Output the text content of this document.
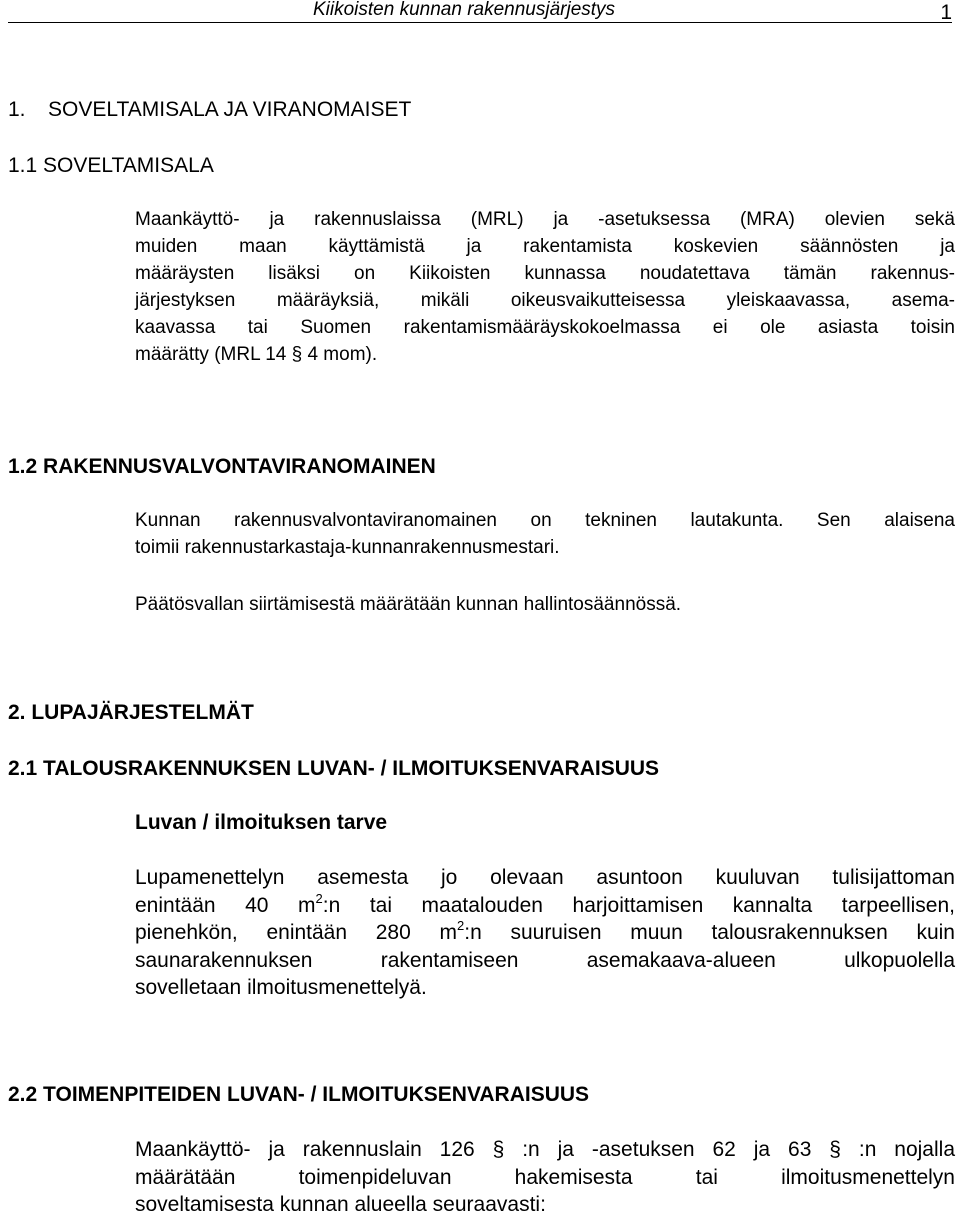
Kiikoisten kunnan rakennusjärjestys	1
1. SOVELTAMISALA JA VIRANOMAISET
1.1 SOVELTAMISALA
Maankäyttö- ja rakennuslaissa (MRL) ja -asetuksessa (MRA) olevien sekä
muiden maan käyttämistä ja rakentamista koskevien säännösten ja
määräysten lisäksi on Kiikoisten kunnassa noudatettava tämän rakennus-
järjestyksen määräyksiä, mikäli oikeusvaikutteisessa yleiskaavassa, asema-
kaavassa tai Suomen rakentamismääräyskokoelmassa ei ole asiasta toisin
määrätty (MRL 14 § 4 mom).
1.2 RAKENNUSVALVONTAVIRANOMAINEN
Kunnan rakennusvalvontaviranomainen on tekninen lautakunta. Sen alaisena
toimii rakennustarkastaja-kunnanrakennusmestari.
Päätösvallan siirtämisestä määrätään kunnan hallintosäännössä.
2. LUPAJÄRJESTELMÄT
2.1 TALOUSRAKENNUKSEN LUVAN- / ILMOITUKSENVARAISUUS
Luvan / ilmoituksen tarve
Lupamenettelyn asemesta jo olevaan asuntoon kuuluvan tulisijattoman
enintään 40 $m^2:n$ tai maatalouden harjoittamisen kannalta tarpeellisen,
pienehkön, enintään 280 $m^2:n$ suuruisen muun talousrakennuksen kuin
saunarakennuksen rakentamiseen asemakaava-alueen ulkopuolella
sovelletaan ilmoitusmenettelyä.
2.2 TOIMENPITEIDEN LUVAN- / ILMOITUKSENVARAISUUS
Maankäyttö- ja rakennuslain 126 § :n ja -asetuksen 62 ja 63 § :n nojalla
määrätään toimenpideluvan hakemisesta tai ilmoitusmenettelyn
soveltamisesta kunnan alueella seuraavasti:
